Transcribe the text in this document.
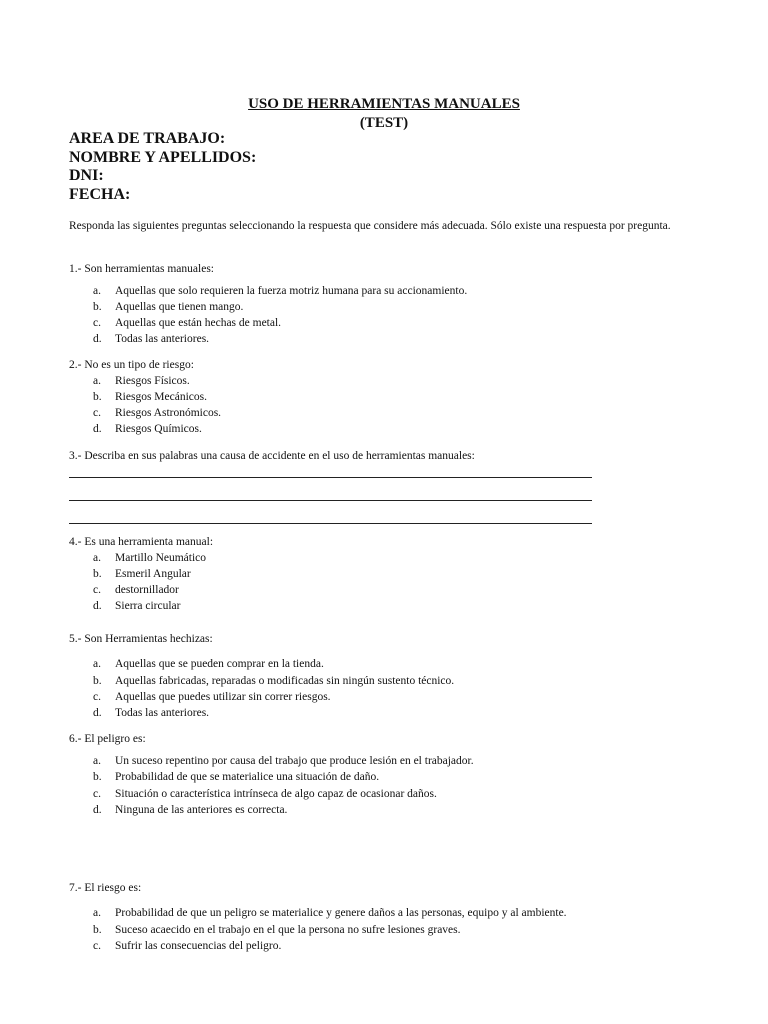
USO DE HERRAMIENTAS MANUALES
(TEST)
AREA DE TRABAJO:
NOMBRE Y APELLIDOS:
DNI:
FECHA:
Responda las siguientes preguntas seleccionando la respuesta que considere más adecuada. Sólo existe una respuesta por pregunta.
1.- Son herramientas manuales:
a.	Aquellas que solo requieren la fuerza motriz humana para su accionamiento.
b.	Aquellas que tienen mango.
c.	Aquellas que están hechas de metal.
d.	Todas las anteriores.
2.- No es un tipo de riesgo:
a.	Riesgos Físicos.
b.	Riesgos Mecánicos.
c.	Riesgos Astronómicos.
d.	Riesgos Químicos.
3.- Describa en sus palabras una causa de accidente en el uso de herramientas manuales:
4.- Es una herramienta manual:
a.	Martillo Neumático
b.	Esmeril Angular
c.	destornillador
d.	Sierra circular
5.- Son Herramientas hechizas:
a.	Aquellas que se pueden comprar en la tienda.
b.	Aquellas fabricadas, reparadas o modificadas sin ningún sustento técnico.
c.	Aquellas que puedes utilizar sin correr riesgos.
d.	Todas las anteriores.
6.- El peligro es:
a.	Un suceso repentino por causa del trabajo que produce lesión en el trabajador.
b.	Probabilidad de que se materialice una situación de daño.
c.	Situación o característica intrínseca de algo capaz de ocasionar daños.
d.	Ninguna de las anteriores es correcta.
7.- El riesgo es:
a.	Probabilidad de que un peligro se materialice y genere daños a las personas, equipo y al ambiente.
b.	Suceso acaecido en el trabajo en el que la persona no sufre lesiones graves.
c.	Sufrir las consecuencias del peligro.
